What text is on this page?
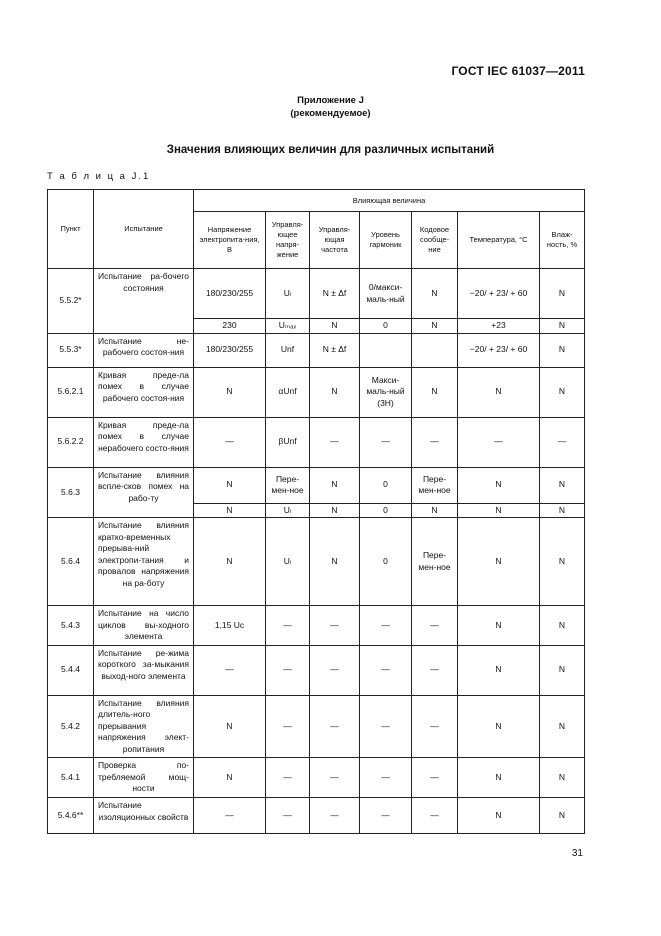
ГОСТ IEC 61037—2011
Приложение J
(рекомендуемое)
Значения влияющих величин для различных испытаний
Т а б л и ц а J.1
Пункт	Испытание	Влияющая величина						
		Напряжение электропита-ния, В	Управля-ющее напря-жение	Управля-ющая частота	Уровень гармоник	Кодовое сообще-ние	Температура, °С	Влаж-ность, %
5.5.2*	Испытание ра-бочего состояния	180/230/255	Uₗ	N ± Δf	0/макси-маль-ный	N	−20/ + 23/ + 60	N
		230	Uₘₐₓ	N	0	N	+23	N
5.5.3*	Испытание не-рабочего состоя-ния	180/230/255	Unf	N ± Δf			−20/ + 23/ + 60	N
5.6.2.1	Кривая преде-ла помех в случае рабочего состоя-ния	N	αUnf	N	Макси-маль-ный (3Н)	N	N	N
5.6.2.2	Кривая преде-ла помех в случае нерабочего состо-яния	—	βUnf	—	—	—	—	—
5.6.3	Испытание влияния вспле-сков помех на рабо-ту	N	Пере-мен-ное	N	0	Пере-мен-ное	N	N
		N	Uₗ	N	0	N	N	N
5.6.4	Испытание влияния кратко-временных прерыва-ний электропи-тания и провалов напряжения на ра-боту	N	Uₗ	N	0	Пере-мен-ное	N	N
5.4.3	Испытание на число циклов вы-ходного элемента	1,15 Uc	—	—	—	—	N	N
5.4.4	Испытание ре-жима короткого за-мыкания выход-ного элемента	—	—	—	—	—	N	N
5.4.2	Испытание влияния длитель-ного прерывания напряжения элект-ропитания	N	—	—	—	—	N	N
5.4.1	Проверка по-требляемой мощ-ности	N	—	—	—	—	N	N
5.4.6**	Испытание изоляционных свойств	—	—	—	—	—	N	N
31
